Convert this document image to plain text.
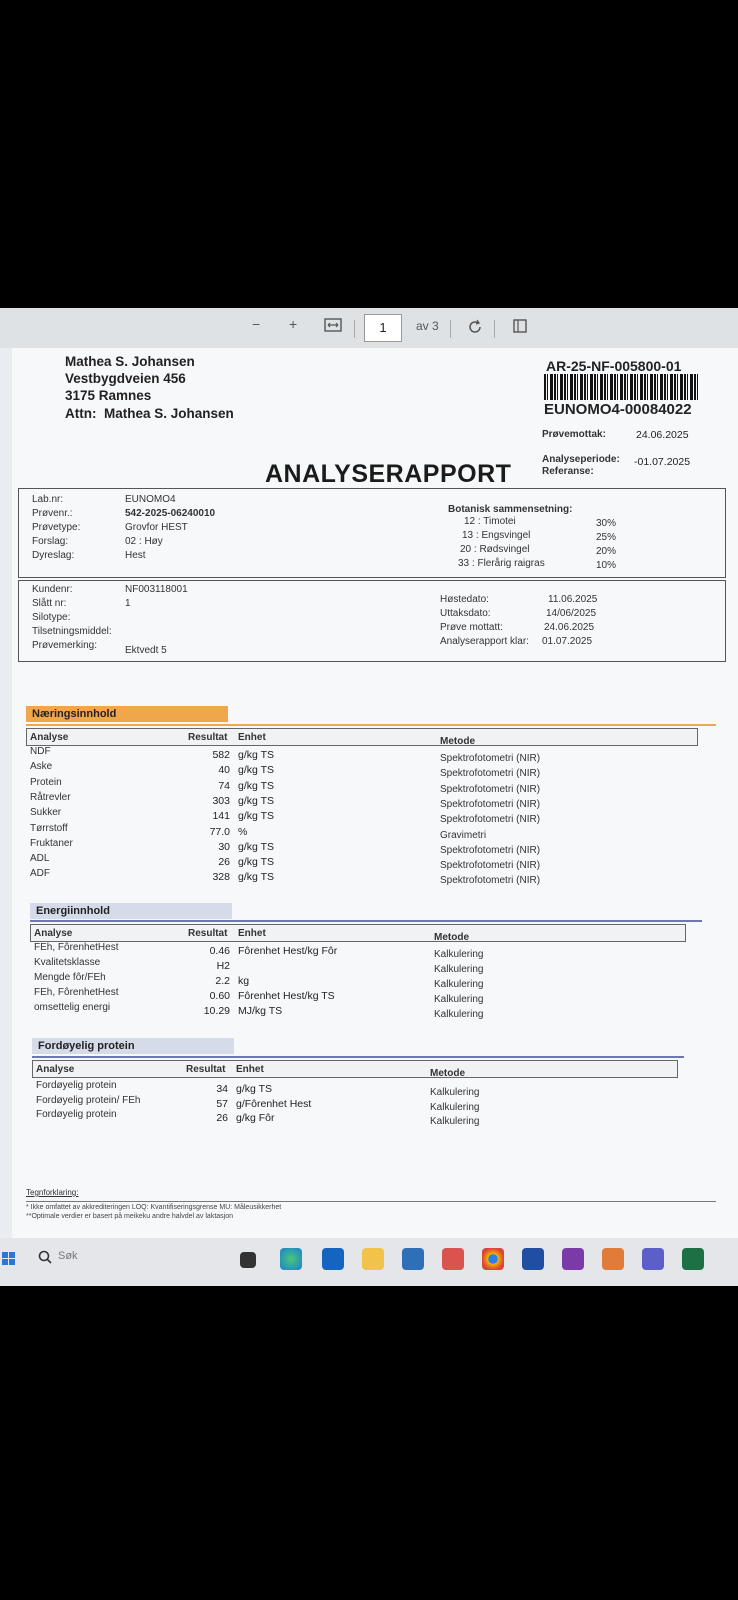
− +	1	av 3
Mathea S. Johansen
Vestbygdveien 456
3175 Ramnes
Attn: Mathea S. Johansen
AR-25-NF-005800-01
EUNOMO4-00084022
Prøvemottak:	24.06.2025
Analyseperiode: -01.07.2025
Referanse:
ANALYSERAPPORT
Lab.nr:	EUNOMO4
Prøvenr.:	542-2025-06240010
Prøvetype:	Grovfor HEST
Forslag:	02 : Høy
Dyreslag:	Hest
Botanisk sammensetning:
12 : Timotei	30%
13 : Engsvingel	25%
20 : Rødsvingel	20%
33 : Flerårig raigras	10%
Kundenr:	NF003118001
Slått nr:	1
Silotype:
Tilsetningsmiddel:
Prøvemerking:	Ektvedt 5
Høstedato:	11.06.2025
Uttaksdato:	14/06/2025
Prøve mottatt:	24.06.2025
Analyserapport klar: 01.07.2025
Næringsinnhold
Analyse	Resultat Enhet	Metode
NDF	582 g/kg TS	Spektrofotometri (NIR)
Aske	40 g/kg TS	Spektrofotometri (NIR)
Protein	74 g/kg TS	Spektrofotometri (NIR)
Råtrevler	303 g/kg TS	Spektrofotometri (NIR)
Sukker	141 g/kg TS	Spektrofotometri (NIR)
Tørrstoff	77.0 %	Gravimetri
Fruktaner	30 g/kg TS	Spektrofotometri (NIR)
ADL	26 g/kg TS	Spektrofotometri (NIR)
ADF	328 g/kg TS	Spektrofotometri (NIR)
Energiinnhold
Analyse	Resultat Enhet	Metode
FEh, FôrenhetHest	0.46 Fôrenhet Hest/kg Fôr	Kalkulering
Kvalitetsklasse	H2	Kalkulering
Mengde fôr/FEh	2.2 kg	Kalkulering
FEh, FôrenhetHest	0.60 Fôrenhet Hest/kg TS	Kalkulering
omsettelig energi	10.29 MJ/kg TS	Kalkulering
Fordøyelig protein
Analyse	Resultat Enhet	Metode
Fordøyelig protein	34 g/kg TS	Kalkulering
Fordøyelig protein/ FEh	57 g/Fôrenhet Hest	Kalkulering
Fordøyelig protein	26 g/kg Fôr	Kalkulering
Tegnforklaring:
* Ikke omfattet av akkrediteringen LOQ: Kvantifiseringsgrense MU: Måleusikkerhet
**Optimale verdier er basert på meikeku andre halvdel av laktasjon
Søk
